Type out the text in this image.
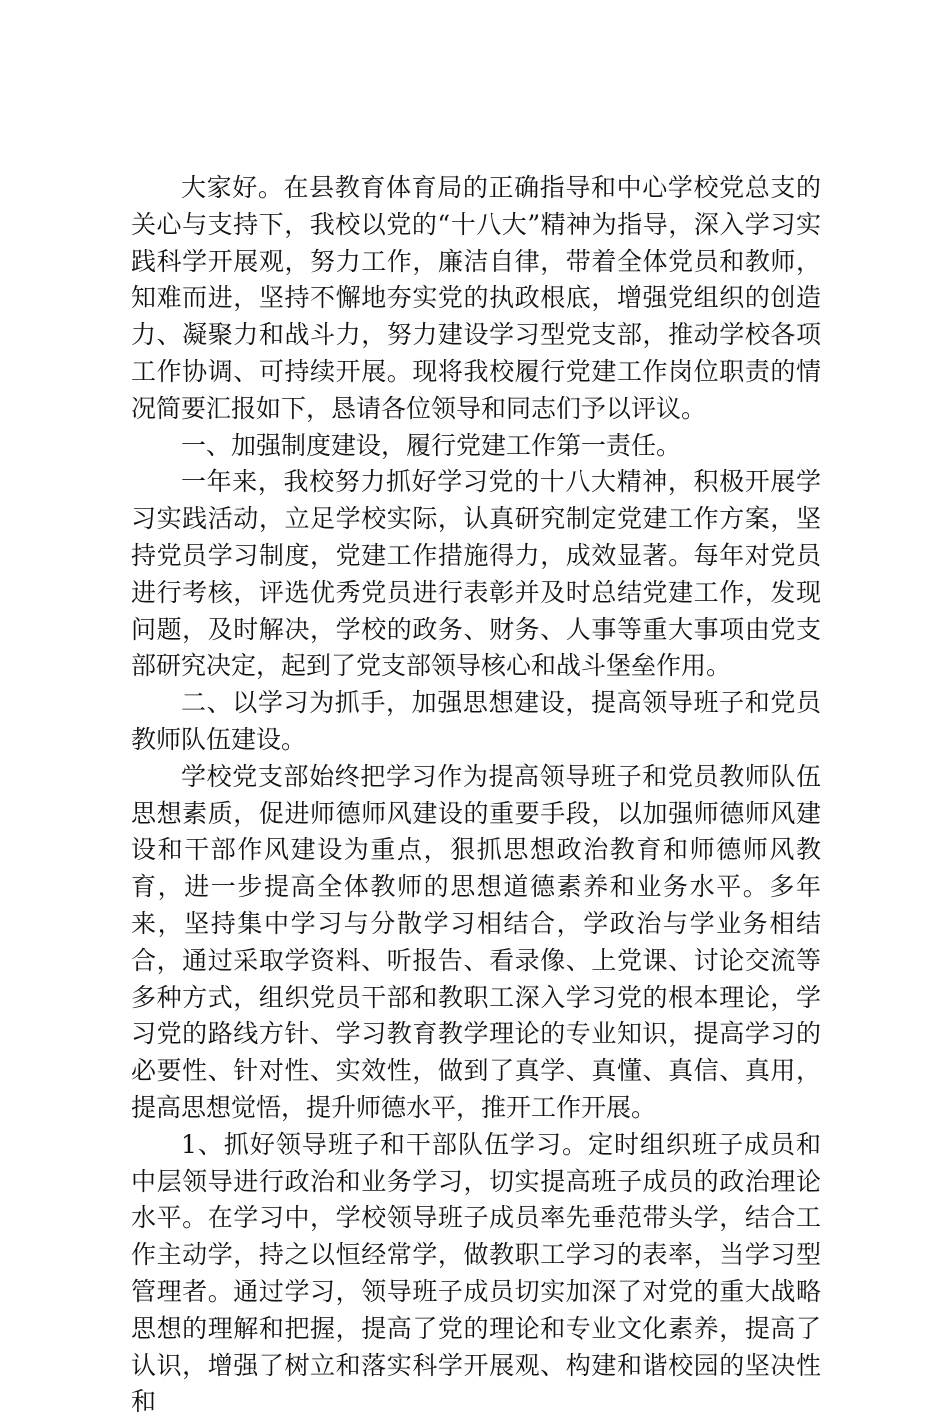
大家好。在县教育体育局的正确指导和中心学校党总支的关心与支持下，我校以党的“十八大”精神为指导，深入学习实践科学开展观，努力工作，廉洁自律，带着全体党员和教师，知难而进，坚持不懈地夯实党的执政根底，增强党组织的创造力、凝聚力和战斗力，努力建设学习型党支部，推动学校各项工作协调、可持续开展。现将我校履行党建工作岗位职责的情况简要汇报如下，恳请各位领导和同志们予以评议。

一、加强制度建设，履行党建工作第一责任。

一年来，我校努力抓好学习党的十八大精神，积极开展学习实践活动，立足学校实际，认真研究制定党建工作方案，坚持党员学习制度，党建工作措施得力，成效显著。每年对党员进行考核，评选优秀党员进行表彰并及时总结党建工作，发现问题，及时解决，学校的政务、财务、人事等重大事项由党支部研究决定，起到了党支部领导核心和战斗堡垒作用。

二、以学习为抓手，加强思想建设，提高领导班子和党员教师队伍建设。

学校党支部始终把学习作为提高领导班子和党员教师队伍思想素质，促进师德师风建设的重要手段，以加强师德师风建设和干部作风建设为重点，狠抓思想政治教育和师德师风教育，进一步提高全体教师的思想道德素养和业务水平。多年来，坚持集中学习与分散学习相结合，学政治与学业务相结合，通过采取学资料、听报告、看录像、上党课、讨论交流等多种方式，组织党员干部和教职工深入学习党的根本理论，学习党的路线方针、学习教育教学理论的专业知识，提高学习的必要性、针对性、实效性，做到了真学、真懂、真信、真用，提高思想觉悟，提升师德水平，推开工作开展。

1、抓好领导班子和干部队伍学习。定时组织班子成员和中层领导进行政治和业务学习，切实提高班子成员的政治理论水平。在学习中，学校领导班子成员率先垂范带头学，结合工作主动学，持之以恒经常学，做教职工学习的表率，当学习型管理者。通过学习，领导班子成员切实加深了对党的重大战略思想的理解和把握，提高了党的理论和专业文化素养，提高了认识，增强了树立和落实科学开展观、构建和谐校园的坚决性和
